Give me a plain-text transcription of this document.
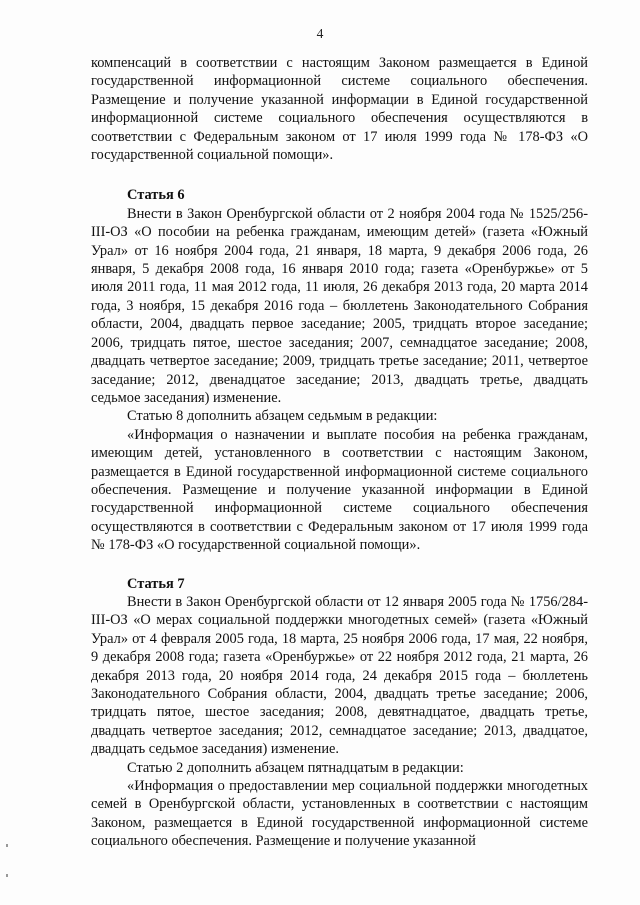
4

компенсаций в соответствии с настоящим Законом размещается в Единой государственной информационной системе социального обеспечения. Размещение и получение указанной информации в Единой государственной информационной системе социального обеспечения осуществляются в соответствии с Федеральным законом от 17 июля 1999 года № 178-ФЗ «О государственной социальной помощи».

Статья 6

Внести в Закон Оренбургской области от 2 ноября 2004 года № 1525/256-III-ОЗ «О пособии на ребенка гражданам, имеющим детей» (газета «Южный Урал» от 16 ноября 2004 года, 21 января, 18 марта, 9 декабря 2006 года, 26 января, 5 декабря 2008 года, 16 января 2010 года; газета «Оренбуржье» от 5 июля 2011 года, 11 мая 2012 года, 11 июля, 26 декабря 2013 года, 20 марта 2014 года, 3 ноября, 15 декабря 2016 года – бюллетень Законодательного Собрания области, 2004, двадцать первое заседание; 2005, тридцать второе заседание; 2006, тридцать пятое, шестое заседания; 2007, семнадцатое заседание; 2008, двадцать четвертое заседание; 2009, тридцать третье заседание; 2011, четвертое заседание; 2012, двенадцатое заседание; 2013, двадцать третье, двадцать седьмое заседания) изменение.

Статью 8 дополнить абзацем седьмым в редакции:

«Информация о назначении и выплате пособия на ребенка гражданам, имеющим детей, установленного в соответствии с настоящим Законом, размещается в Единой государственной информационной системе социального обеспечения. Размещение и получение указанной информации в Единой государственной информационной системе социального обеспечения осуществляются в соответствии с Федеральным законом от 17 июля 1999 года № 178-ФЗ «О государственной социальной помощи».

Статья 7

Внести в Закон Оренбургской области от 12 января 2005 года № 1756/284-III-ОЗ «О мерах социальной поддержки многодетных семей» (газета «Южный Урал» от 4 февраля 2005 года, 18 марта, 25 ноября 2006 года, 17 мая, 22 ноября, 9 декабря 2008 года; газета «Оренбуржье» от 22 ноября 2012 года, 21 марта, 26 декабря 2013 года, 20 ноября 2014 года, 24 декабря 2015 года – бюллетень Законодательного Собрания области, 2004, двадцать третье заседание; 2006, тридцать пятое, шестое заседания; 2008, девятнадцатое, двадцать третье, двадцать четвертое заседания; 2012, семнадцатое заседание; 2013, двадцатое, двадцать седьмое заседания) изменение.

Статью 2 дополнить абзацем пятнадцатым в редакции:

«Информация о предоставлении мер социальной поддержки многодетных семей в Оренбургской области, установленных в соответствии с настоящим Законом, размещается в Единой государственной информационной системе социального обеспечения. Размещение и получение указанной
